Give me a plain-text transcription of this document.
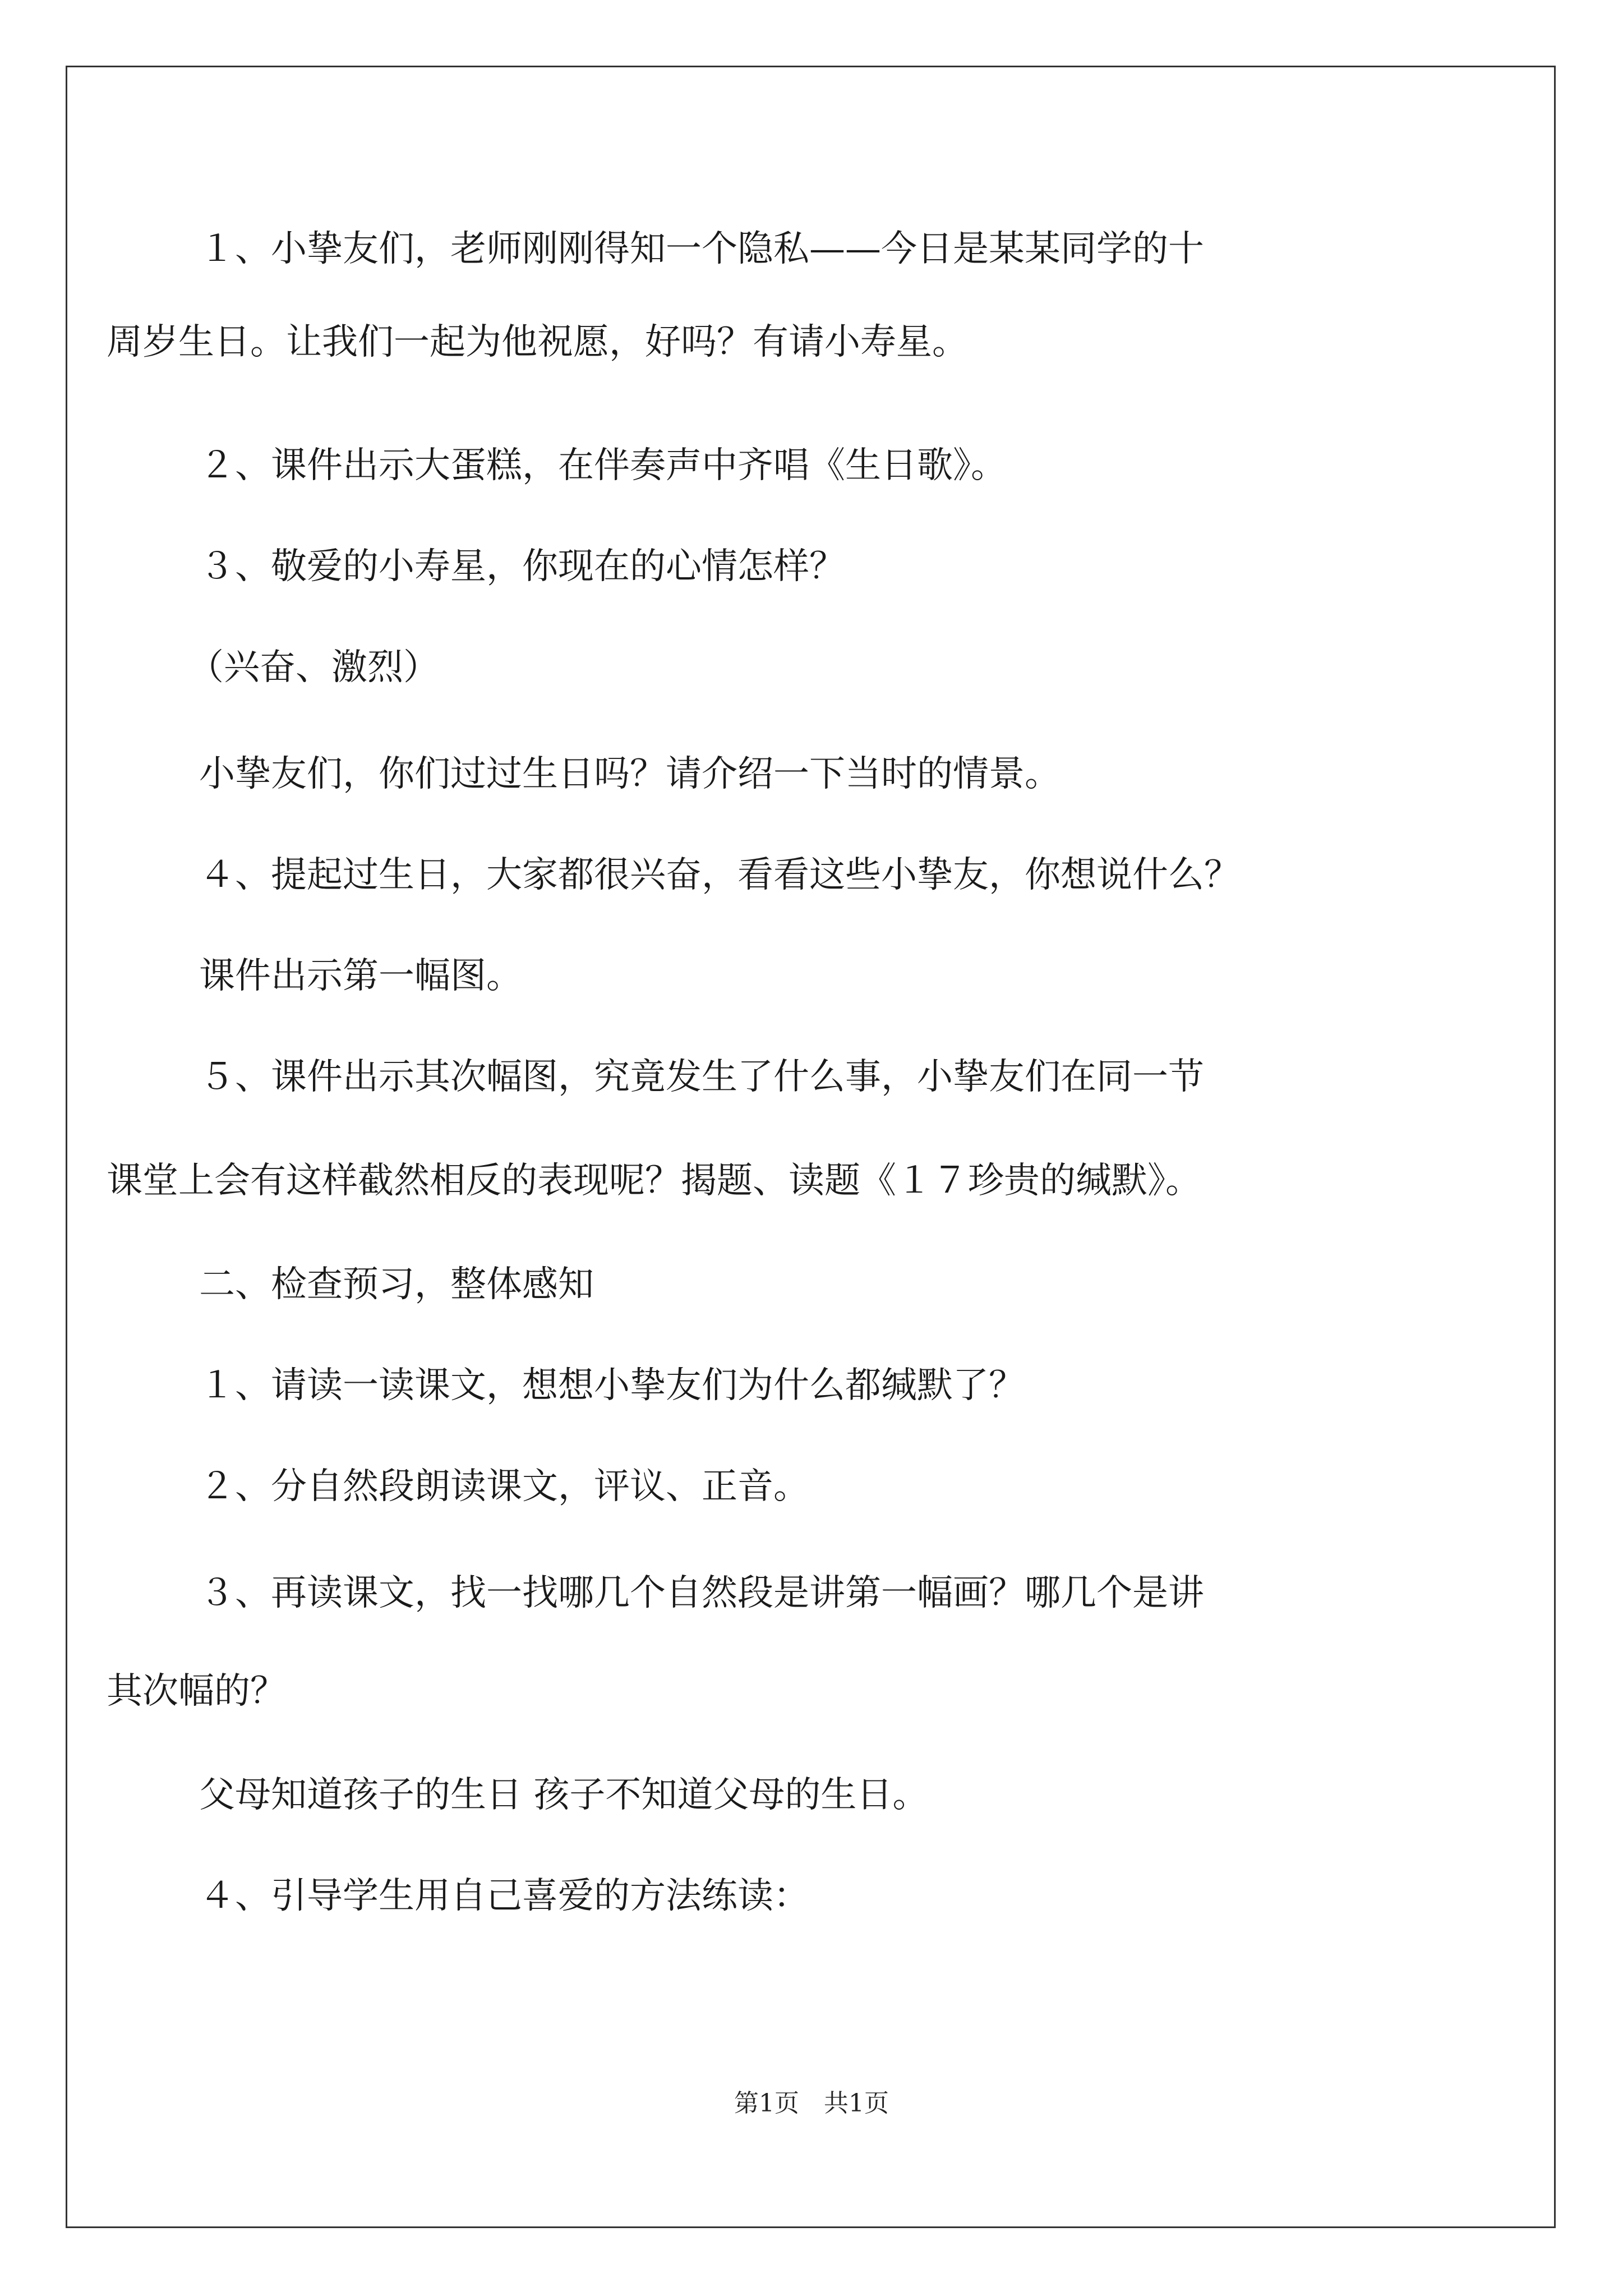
１、小挚友们，老师刚刚得知一个隐私——今日是某某同学的十
周岁生日。让我们一起为他祝愿，好吗？有请小寿星。
２、课件出示大蛋糕，在伴奏声中齐唱《生日歌》。
３、敬爱的小寿星，你现在的心情怎样？
（兴奋、激烈）
小挚友们，你们过过生日吗？请介绍一下当时的情景。
４、提起过生日，大家都很兴奋，看看这些小挚友，你想说什么？
课件出示第一幅图。
５、课件出示其次幅图，究竟发生了什么事，小挚友们在同一节
课堂上会有这样截然相反的表现呢？揭题、读题《１７珍贵的缄默》。
二、检查预习，整体感知
１、请读一读课文，想想小挚友们为什么都缄默了？
２、分自然段朗读课文，评议、正音。
３、再读课文，找一找哪几个自然段是讲第一幅画？哪几个是讲
其次幅的？
父母知道孩子的生日 孩子不知道父母的生日。
４、引导学生用自己喜爱的方法练读：
第1页　共1页
